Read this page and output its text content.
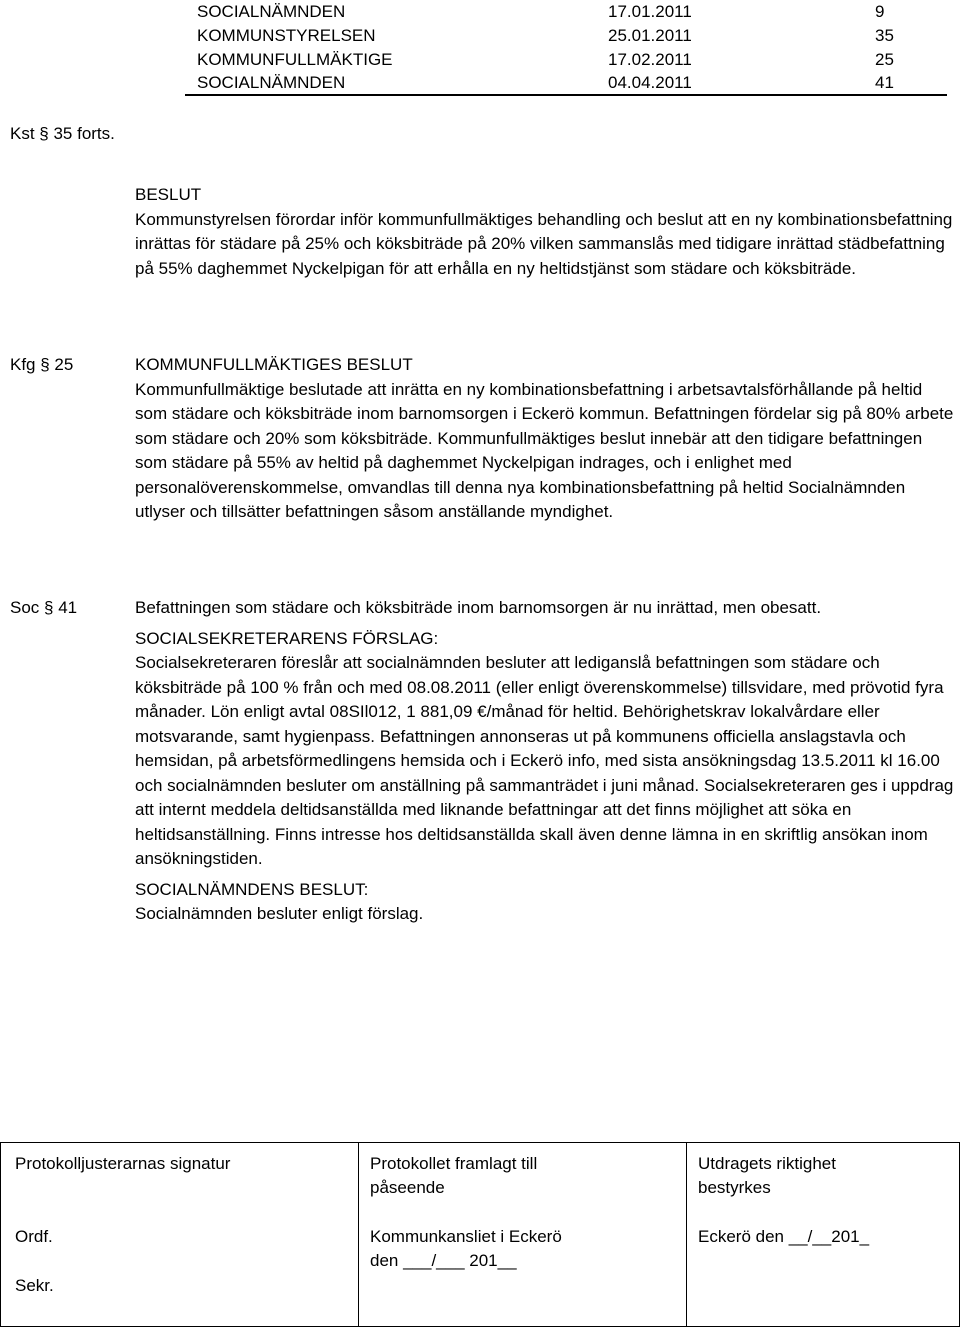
SOCIALNÄMNDEN	17.01.2011	9
KOMMUNSTYRELSEN	25.01.2011	35
KOMMUNFULLMÄKTIGE	17.02.2011	25
SOCIALNÄMNDEN	04.04.2011	41
Kst § 35 forts.

BESLUT

Kommunstyrelsen förordar inför kommunfullmäktiges behandling och beslut att en ny kombinationsbefattning inrättas för städare på 25% och köksbiträde på 20% vilken sammanslås med tidigare inrättad städbefattning på 55% daghemmet Nyckelpigan för att erhålla en ny heltidstjänst som städare och köksbiträde.

Kfg § 25	KOMMUNFULLMÄKTIGES BESLUT

Kommunfullmäktige beslutade att inrätta en ny kombinationsbefattning i arbetsavtalsförhållande på heltid som städare och köksbiträde inom barnomsorgen i Eckerö kommun. Befattningen fördelar sig på 80% arbete som städare och 20% som köksbiträde. Kommunfullmäktiges beslut innebär att den tidigare befattningen som städare på 55% av heltid på daghemmet Nyckelpigan indrages, och i enlighet med personalöverenskommelse, omvandlas till denna nya kombinationsbefattning på heltid Socialnämnden utlyser och tillsätter befattningen såsom anställande myndighet.

Soc § 41	Befattningen som städare och köksbiträde inom barnomsorgen är nu inrättad, men obesatt.

SOCIALSEKRETERARENS FÖRSLAG:

Socialsekreteraren föreslår att socialnämnden besluter att lediganslå befattningen som städare och köksbiträde på 100 % från och med 08.08.2011 (eller enligt överenskommelse) tillsvidare, med prövotid fyra månader. Lön enligt avtal 08SIl012, 1 881,09 €/månad för heltid. Behörighetskrav lokalvårdare eller motsvarande, samt hygienpass. Befattningen annonseras ut på kommunens officiella anslagstavla och hemsidan, på arbetsförmedlingens hemsida och i Eckerö info, med sista ansökningsdag 13.5.2011 kl 16.00 och socialnämnden besluter om anställning på sammanträdet i juni månad. Socialsekreteraren ges i uppdrag att internt meddela deltidsanställda med liknande befattningar att det finns möjlighet att söka en heltidsanställning. Finns intresse hos deltidsanställda skall även denne lämna in en skriftlig ansökan inom ansökningstiden.

SOCIALNÄMNDENS BESLUT:

Socialnämnden besluter enligt förslag.

Protokolljusterarnas signatur
Ordf.
Sekr.
Protokollet framlagt till
påseende
Kommunkansliet i Eckerö
den ___/___ 201__
Utdragets riktighet
bestyrkes
Eckerö den __/__201_
